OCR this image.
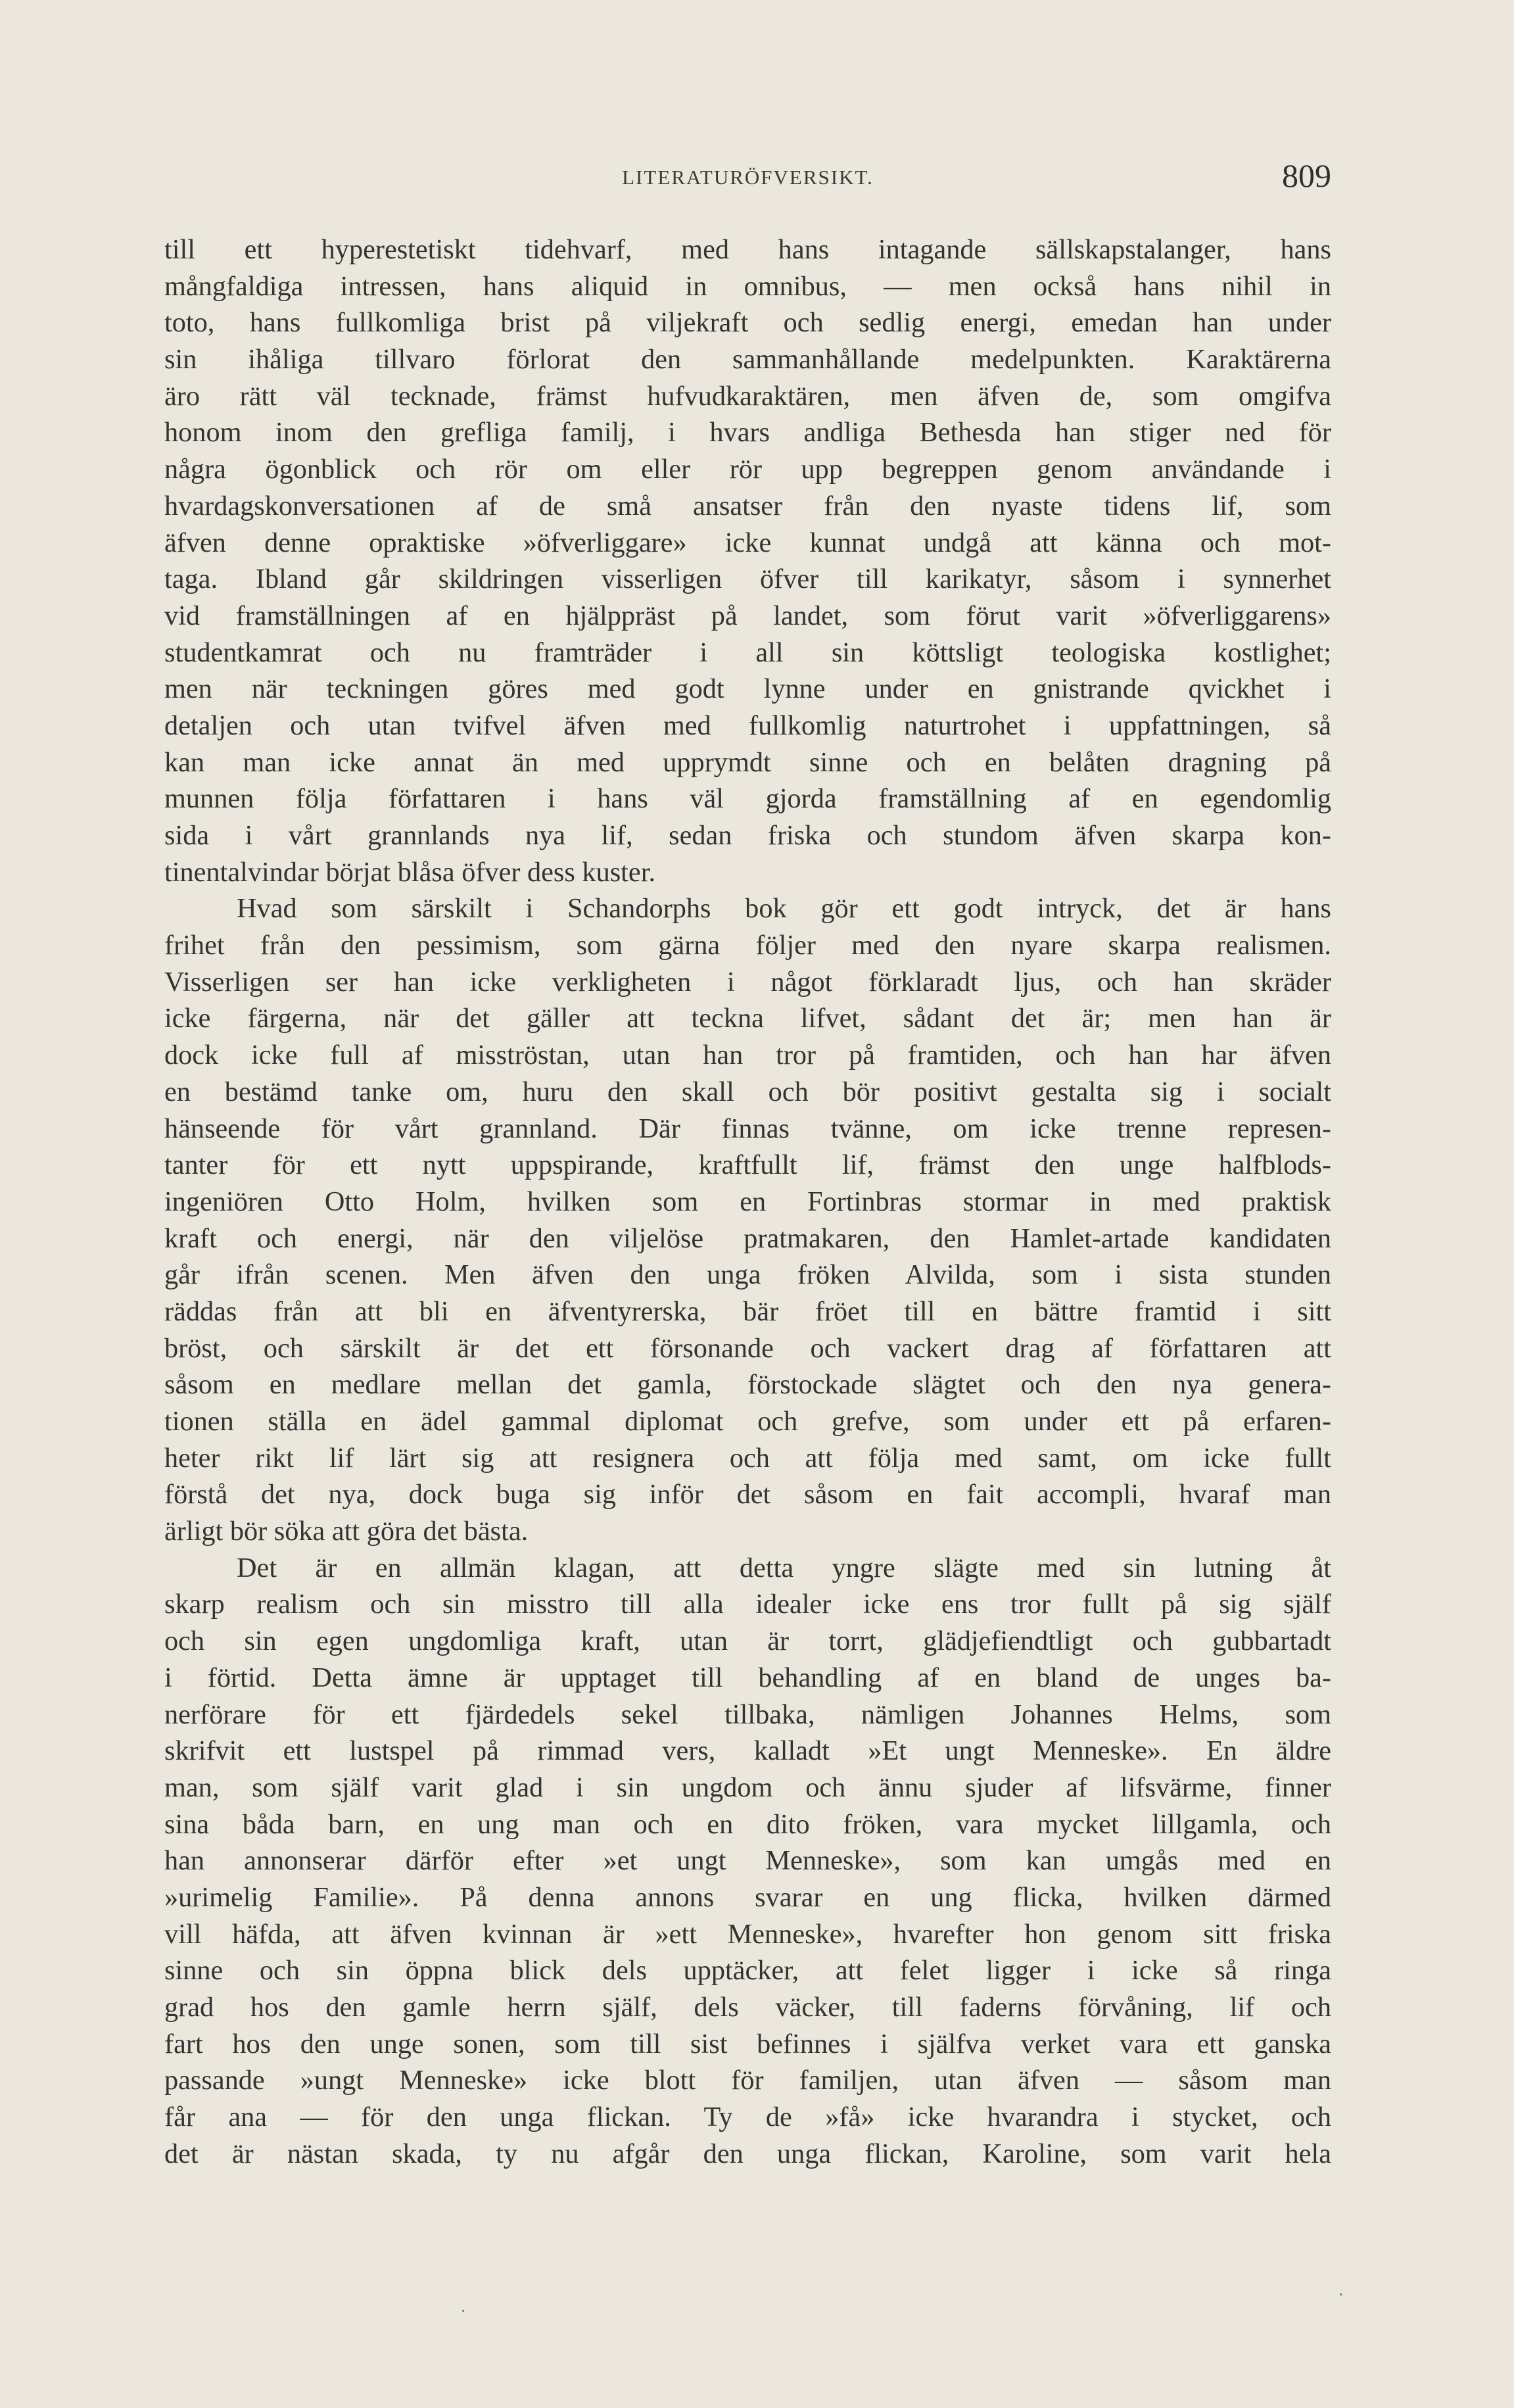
LITERATURÖFVERSIKT.	809
till ett hyperestetiskt tidehvarf, med hans intagande sällskapstalanger, hans
mångfaldiga intressen, hans aliquid in omnibus, — men också hans nihil in
toto, hans fullkomliga brist på viljekraft och sedlig energi, emedan han under
sin ihåliga tillvaro förlorat den sammanhållande medelpunkten. Karaktärerna
äro rätt väl tecknade, främst hufvudkaraktären, men äfven de, som omgifva
honom inom den grefliga familj, i hvars andliga Bethesda han stiger ned för
några ögonblick och rör om eller rör upp begreppen genom användande i
hvardagskonversationen af de små ansatser från den nyaste tidens lif, som
äfven denne opraktiske »öfverliggare» icke kunnat undgå att känna och mot-
taga. Ibland går skildringen visserligen öfver till karikatyr, såsom i synnerhet
vid framställningen af en hjälppräst på landet, som förut varit »öfverliggarens»
studentkamrat och nu framträder i all sin köttsligt teologiska kostlighet;
men när teckningen göres med godt lynne under en gnistrande qvickhet i
detaljen och utan tvifvel äfven med fullkomlig naturtrohet i uppfattningen, så
kan man icke annat än med upprymdt sinne och en belåten dragning på
munnen följa författaren i hans väl gjorda framställning af en egendomlig
sida i vårt grannlands nya lif, sedan friska och stundom äfven skarpa kon-
tinentalvindar börjat blåsa öfver dess kuster.
Hvad som särskilt i Schandorphs bok gör ett godt intryck, det är hans
frihet från den pessimism, som gärna följer med den nyare skarpa realismen.
Visserligen ser han icke verkligheten i något förklaradt ljus, och han skräder
icke färgerna, när det gäller att teckna lifvet, sådant det är; men han är
dock icke full af misströstan, utan han tror på framtiden, och han har äfven
en bestämd tanke om, huru den skall och bör positivt gestalta sig i socialt
hänseende för vårt grannland. Där finnas tvänne, om icke trenne represen-
tanter för ett nytt uppspirande, kraftfullt lif, främst den unge halfblods-
ingeniören Otto Holm, hvilken som en Fortinbras stormar in med praktisk
kraft och energi, när den viljelöse pratmakaren, den Hamlet-artade kandidaten
går ifrån scenen. Men äfven den unga fröken Alvilda, som i sista stunden
räddas från att bli en äfventyrerska, bär fröet till en bättre framtid i sitt
bröst, och särskilt är det ett försonande och vackert drag af författaren att
såsom en medlare mellan det gamla, förstockade slägtet och den nya genera-
tionen ställa en ädel gammal diplomat och grefve, som under ett på erfaren-
heter rikt lif lärt sig att resignera och att följa med samt, om icke fullt
förstå det nya, dock buga sig inför det såsom en fait accompli, hvaraf man
ärligt bör söka att göra det bästa.
Det är en allmän klagan, att detta yngre slägte med sin lutning åt
skarp realism och sin misstro till alla idealer icke ens tror fullt på sig själf
och sin egen ungdomliga kraft, utan är torrt, glädjefiendtligt och gubbartadt
i förtid. Detta ämne är upptaget till behandling af en bland de unges ba-
nerförare för ett fjärdedels sekel tillbaka, nämligen Johannes Helms, som
skrifvit ett lustspel på rimmad vers, kalladt »Et ungt Menneske». En äldre
man, som själf varit glad i sin ungdom och ännu sjuder af lifsvärme, finner
sina båda barn, en ung man och en dito fröken, vara mycket lillgamla, och
han annonserar därför efter »et ungt Menneske», som kan umgås med en
»urimelig Familie». På denna annons svarar en ung flicka, hvilken därmed
vill häfda, att äfven kvinnan är »ett Menneske», hvarefter hon genom sitt friska
sinne och sin öppna blick dels upptäcker, att felet ligger i icke så ringa
grad hos den gamle herrn själf, dels väcker, till faderns förvåning, lif och
fart hos den unge sonen, som till sist befinnes i själfva verket vara ett ganska
passande »ungt Menneske» icke blott för familjen, utan äfven — såsom man
får ana — för den unga flickan. Ty de »få» icke hvarandra i stycket, och
det är nästan skada, ty nu afgår den unga flickan, Karoline, som varit hela
·
·
